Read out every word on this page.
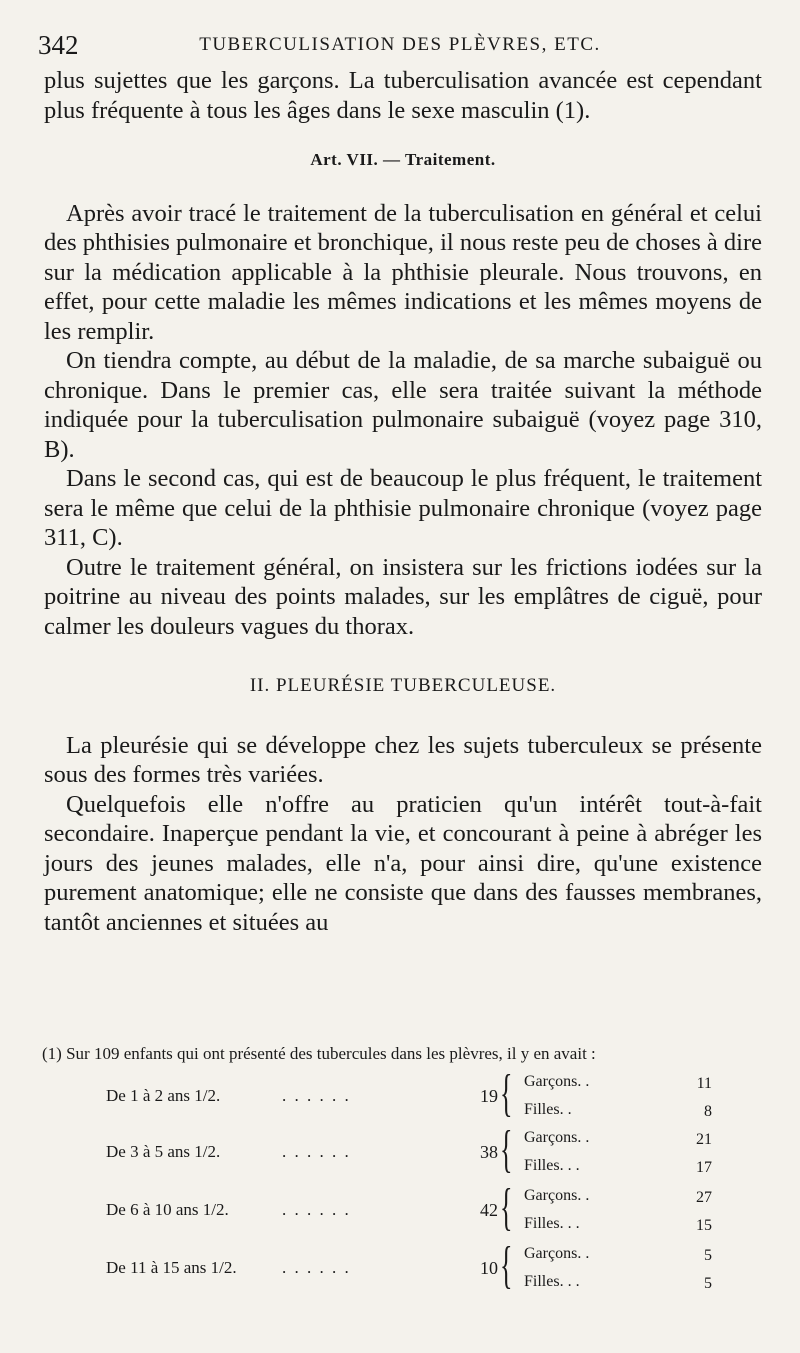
342	TUBERCULISATION DES PLÈVRES, ETC.

plus sujettes que les garçons. La tuberculisation avancée est cependant plus fréquente à tous les âges dans le sexe masculin (1).

Art. VII. — Traitement.

Après avoir tracé le traitement de la tuberculisation en général et celui des phthisies pulmonaire et bronchique, il nous reste peu de choses à dire sur la médication applicable à la phthisie pleurale. Nous trouvons, en effet, pour cette maladie les mêmes indications et les mêmes moyens de les remplir.

On tiendra compte, au début de la maladie, de sa marche subaiguë ou chronique. Dans le premier cas, elle sera traitée suivant la méthode indiquée pour la tuberculisation pulmonaire subaiguë (voyez page 310, B).

Dans le second cas, qui est de beaucoup le plus fréquent, le traitement sera le même que celui de la phthisie pulmonaire chronique (voyez page 311, C).

Outre le traitement général, on insistera sur les frictions iodées sur la poitrine au niveau des points malades, sur les emplâtres de ciguë, pour calmer les douleurs vagues du thorax.

II. PLEURÉSIE TUBERCULEUSE.

La pleurésie qui se développe chez les sujets tuberculeux se présente sous des formes très variées.

Quelquefois elle n'offre au praticien qu'un intérêt tout-à-fait secondaire. Inaperçue pendant la vie, et concourant à peine à abréger les jours des jeunes malades, elle n'a, pour ainsi dire, qu'une existence purement anatomique; elle ne consiste que dans des fausses membranes, tantôt anciennes et situées au

(1) Sur 109 enfants qui ont présenté des tubercules dans les plèvres, il y en avait :

De 1 à 2 ans 1/2.	. . . . . .	19 { Garçons. .	11
Filles. .	8
De 3 à 5 ans 1/2.	. . . . . .	38 { Garçons. .	21
Filles. . .	17
De 6 à 10 ans 1/2.	. . . . . .	42 { Garçons. .	27
Filles. . .	15
De 11 à 15 ans 1/2.	. . . . . .	10 { Garçons. .	5
Filles. . .	5
